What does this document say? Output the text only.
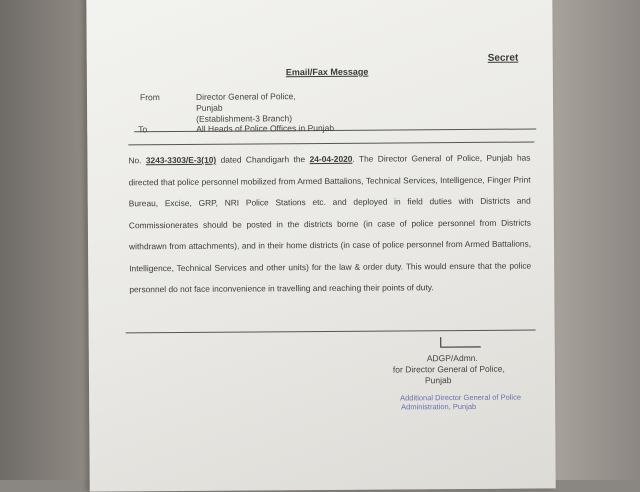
Secret
Email/Fax Message
From	Director General of Police,
Punjab
(Establishment-3 Branch)
To	All Heads of Police Offices in Punjab
No. 3243-3303/E-3(10) dated Chandigarh the 24-04-2020. The Director General of Police, Punjab has directed that police personnel mobilized from Armed Battalions, Technical Services, Intelligence, Finger Print Bureau, Excise, GRP, NRI Police Stations etc. and deployed in field duties with Districts and Commissionerates should be posted in the districts borne (in case of police personnel from Districts withdrawn from attachments), and in their home districts (in case of police personnel from Armed Battalions, Intelligence, Technical Services and other units) for the law & order duty. This would ensure that the police personnel do not face inconvenience in travelling and reaching their points of duty.
ADGP/Admn.
for Director General of Police,
Punjab
Additional Director General of Police
Administration, Punjab
